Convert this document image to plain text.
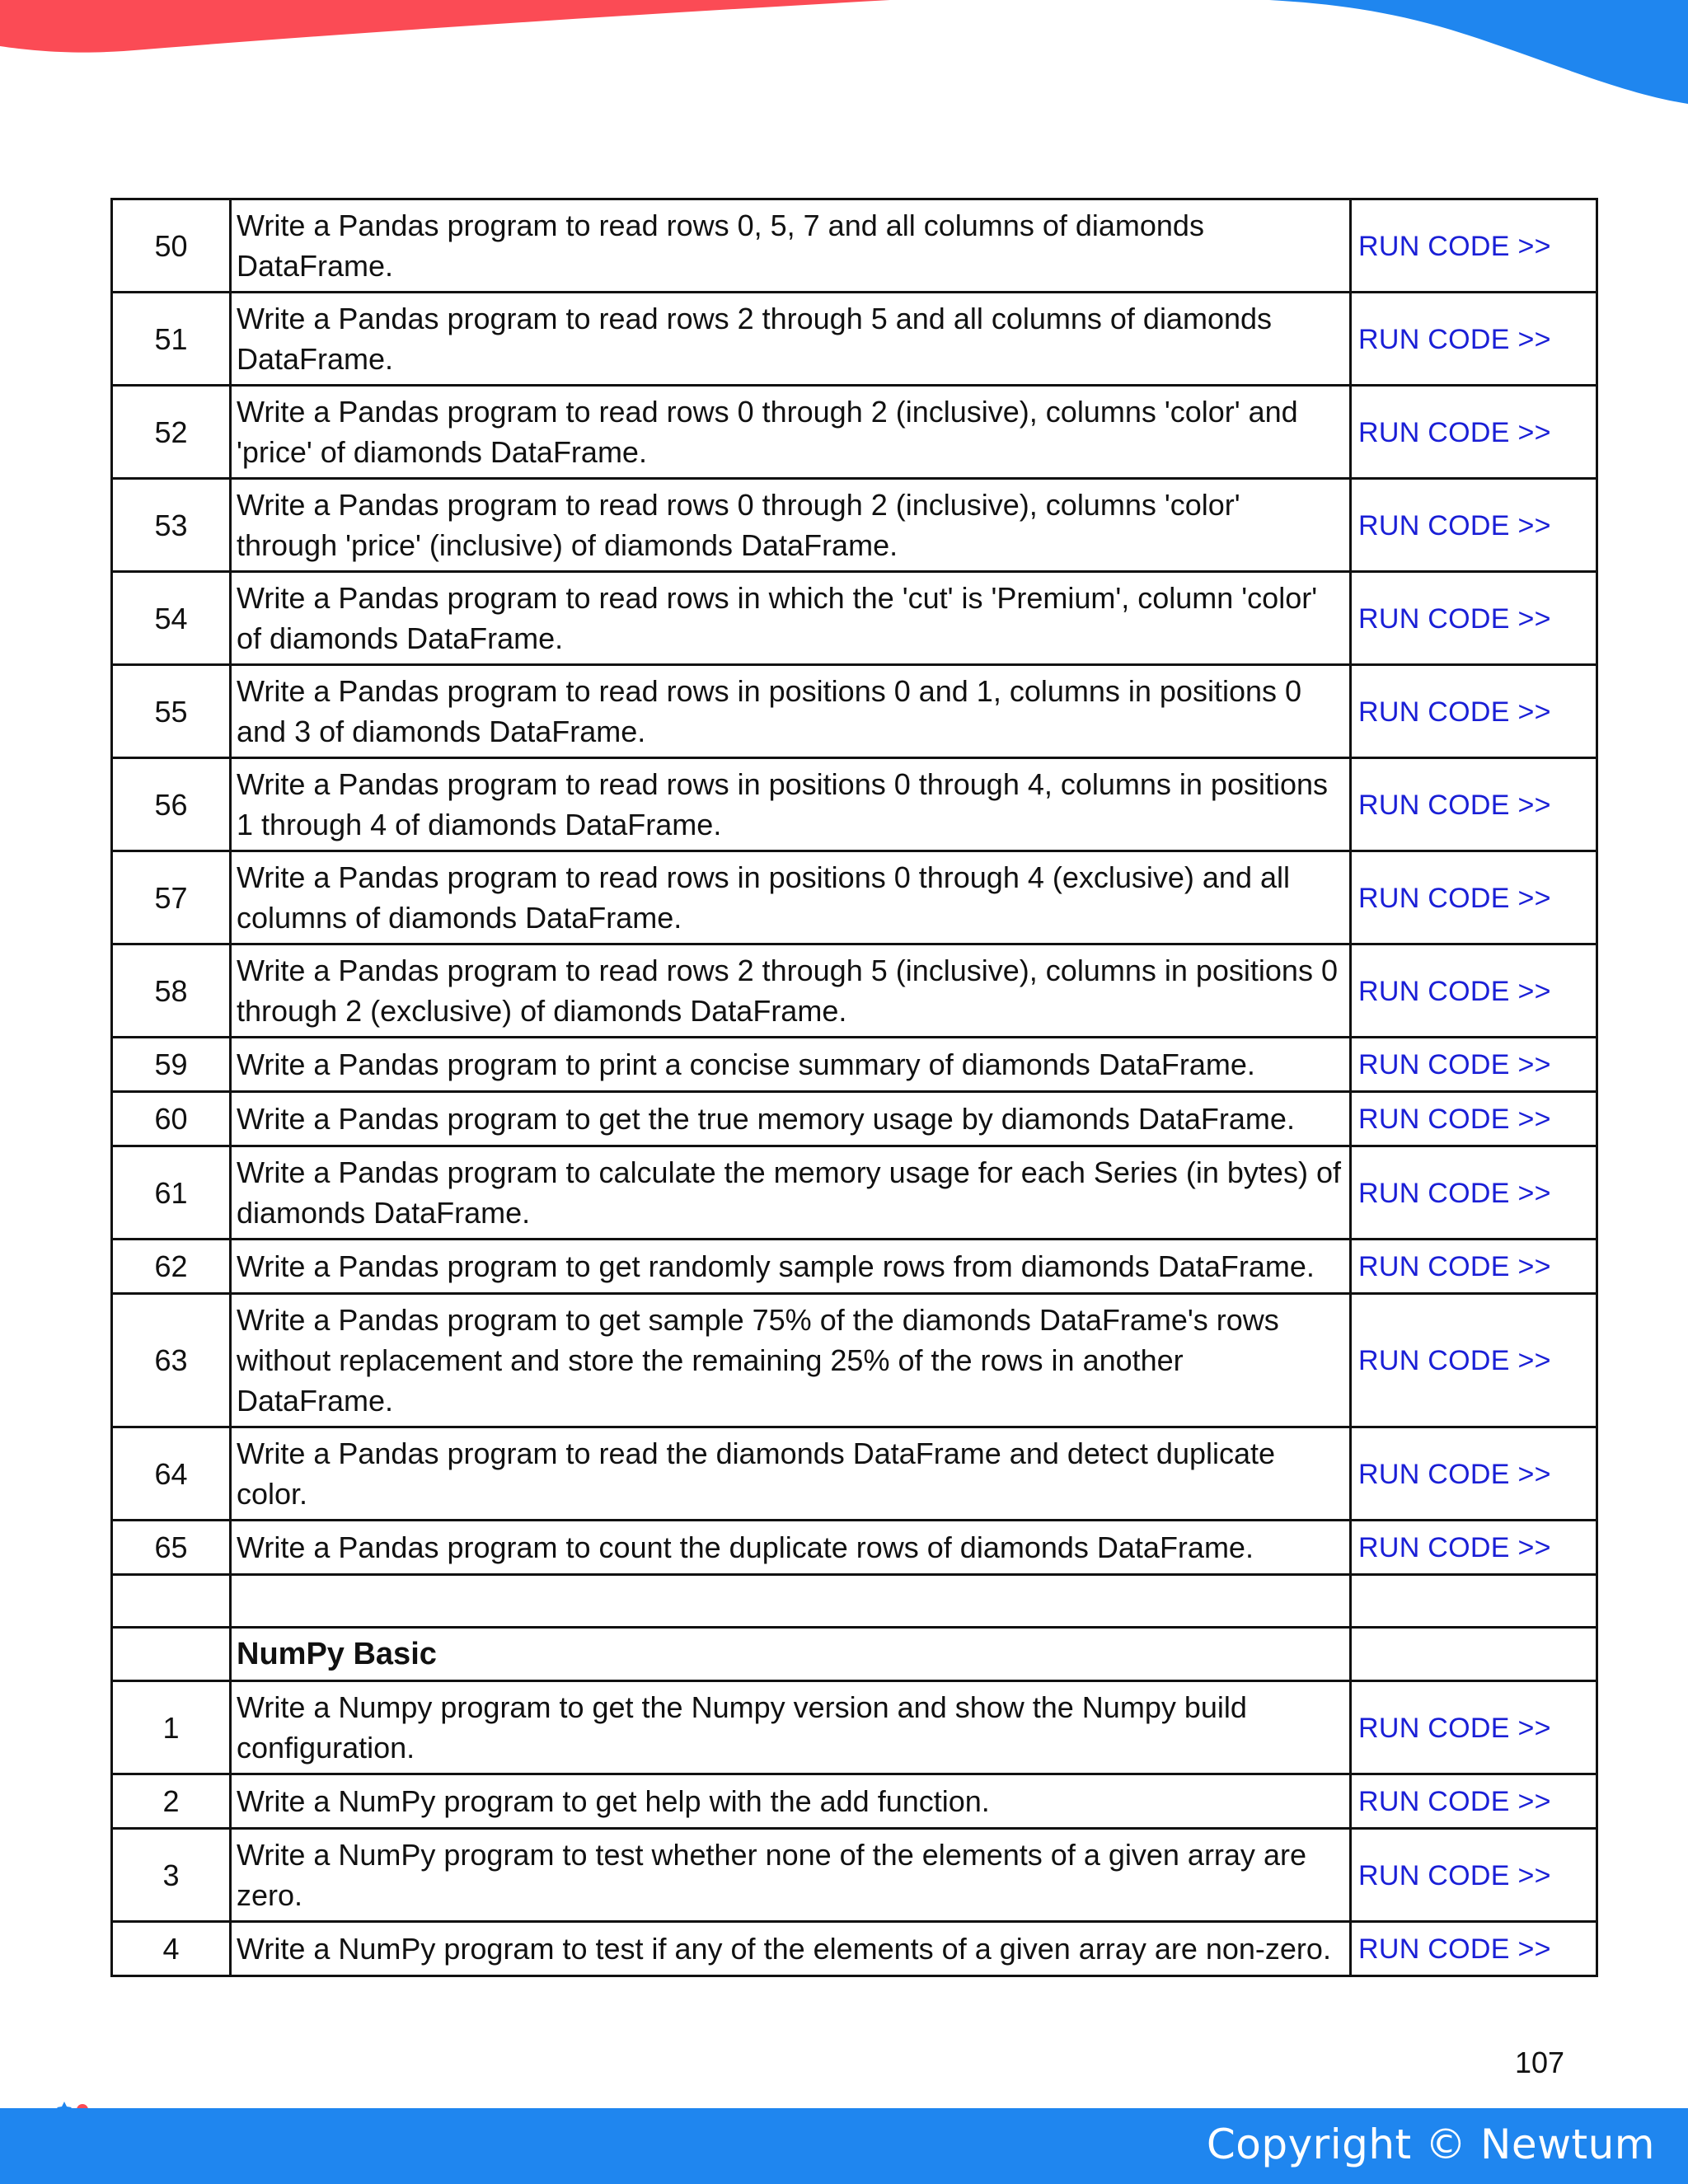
50	Write a Pandas program to read rows 0, 5, 7 and all columns of diamonds DataFrame.	RUN CODE >>
51	Write a Pandas program to read rows 2 through 5 and all columns of diamonds DataFrame.	RUN CODE >>
52	Write a Pandas program to read rows 0 through 2 (inclusive), columns 'color' and 'price' of diamonds DataFrame.	RUN CODE >>
53	Write a Pandas program to read rows 0 through 2 (inclusive), columns 'color' through 'price' (inclusive) of diamonds DataFrame.	RUN CODE >>
54	Write a Pandas program to read rows in which the 'cut' is 'Premium', column 'color' of diamonds DataFrame.	RUN CODE >>
55	Write a Pandas program to read rows in positions 0 and 1, columns in positions 0 and 3 of diamonds DataFrame.	RUN CODE >>
56	Write a Pandas program to read rows in positions 0 through 4, columns in positions 1 through 4 of diamonds DataFrame.	RUN CODE >>
57	Write a Pandas program to read rows in positions 0 through 4 (exclusive) and all columns of diamonds DataFrame.	RUN CODE >>
58	Write a Pandas program to read rows 2 through 5 (inclusive), columns in positions 0 through 2 (exclusive) of diamonds DataFrame.	RUN CODE >>
59	Write a Pandas program to print a concise summary of diamonds DataFrame.	RUN CODE >>
60	Write a Pandas program to get the true memory usage by diamonds DataFrame.	RUN CODE >>
61	Write a Pandas program to calculate the memory usage for each Series (in bytes) of diamonds DataFrame.	RUN CODE >>
62	Write a Pandas program to get randomly sample rows from diamonds DataFrame.	RUN CODE >>
63	Write a Pandas program to get sample 75% of the diamonds DataFrame's rows without replacement and store the remaining 25% of the rows in another DataFrame.	RUN CODE >>
64	Write a Pandas program to read the diamonds DataFrame and detect duplicate color.	RUN CODE >>
65	Write a Pandas program to count the duplicate rows of diamonds DataFrame.	RUN CODE >>

	NumPy Basic	
1	Write a Numpy program to get the Numpy version and show the Numpy build configuration.	RUN CODE >>
2	Write a NumPy program to get help with the add function.	RUN CODE >>
3	Write a NumPy program to test whether none of the elements of a given array are zero.	RUN CODE >>
4	Write a NumPy program to test if any of the elements of a given array are non-zero.	RUN CODE >>
107
Copyright © Newtum
